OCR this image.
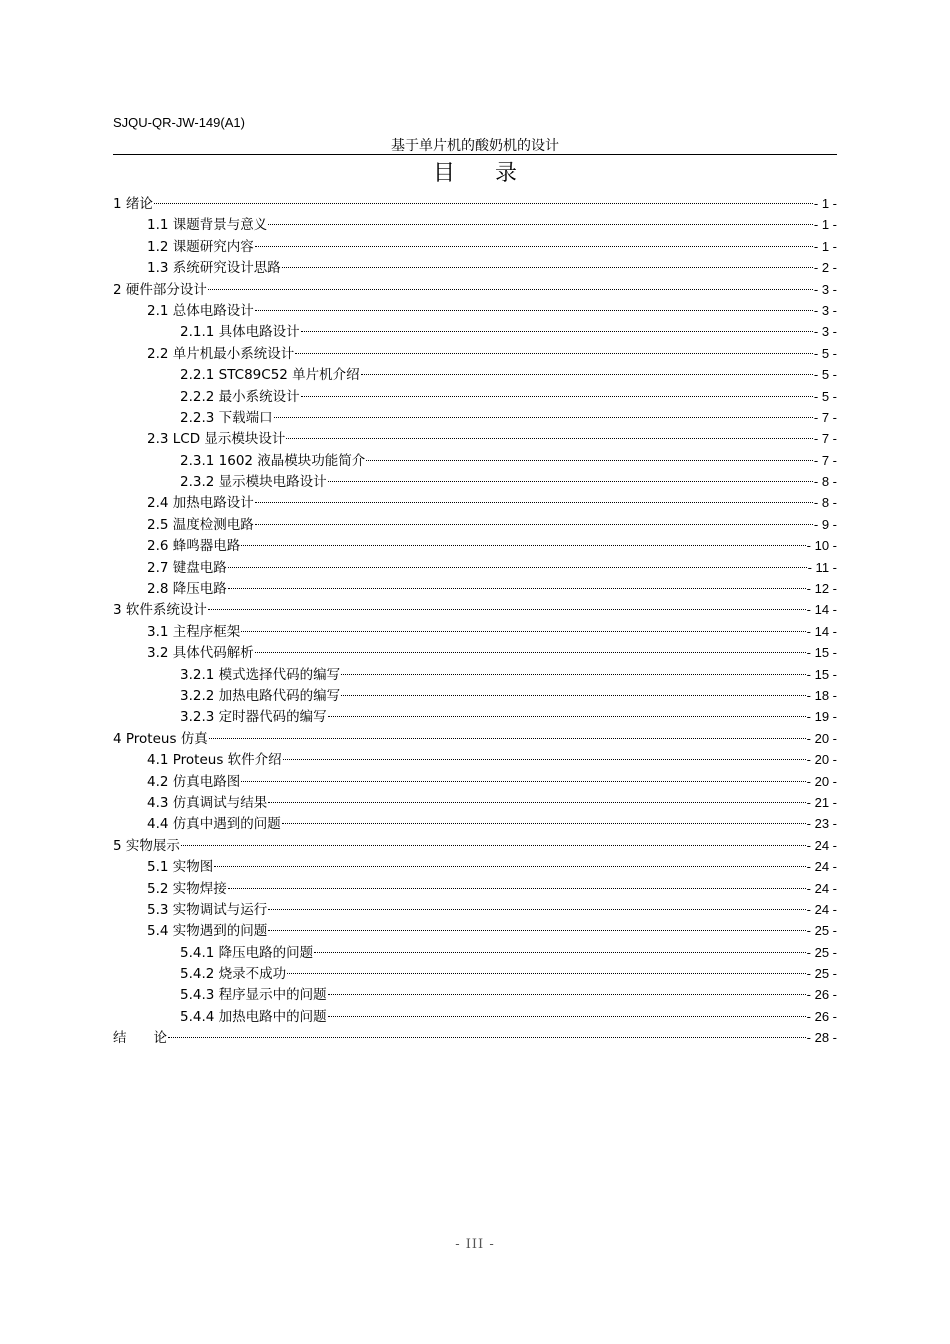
SJQU-QR-JW-149(A1)
基于单片机的酸奶机的设计
目录
1 绪论	- 1 -
1.1 课题背景与意义	- 1 -
1.2 课题研究内容	- 1 -
1.3 系统研究设计思路	- 2 -
2 硬件部分设计	- 3 -
2.1 总体电路设计	- 3 -
2.1.1 具体电路设计	- 3 -
2.2 单片机最小系统设计	- 5 -
2.2.1 STC89C52 单片机介绍	- 5 -
2.2.2 最小系统设计	- 5 -
2.2.3 下载端口	- 7 -
2.3 LCD 显示模块设计	- 7 -
2.3.1 1602 液晶模块功能简介	- 7 -
2.3.2 显示模块电路设计	- 8 -
2.4 加热电路设计	- 8 -
2.5 温度检测电路	- 9 -
2.6 蜂鸣器电路	- 10 -
2.7 键盘电路	- 11 -
2.8 降压电路	- 12 -
3 软件系统设计	- 14 -
3.1 主程序框架	- 14 -
3.2 具体代码解析	- 15 -
3.2.1 模式选择代码的编写	- 15 -
3.2.2 加热电路代码的编写	- 18 -
3.2.3 定时器代码的编写	- 19 -
4 Proteus 仿真	- 20 -
4.1 Proteus 软件介绍	- 20 -
4.2 仿真电路图	- 20 -
4.3 仿真调试与结果	- 21 -
4.4 仿真中遇到的问题	- 23 -
5 实物展示	- 24 -
5.1 实物图	- 24 -
5.2 实物焊接	- 24 -
5.3 实物调试与运行	- 24 -
5.4 实物遇到的问题	- 25 -
5.4.1 降压电路的问题	- 25 -
5.4.2 烧录不成功	- 25 -
5.4.3 程序显示中的问题	- 26 -
5.4.4 加热电路中的问题	- 26 -
结　　论	- 28 -
- III -
